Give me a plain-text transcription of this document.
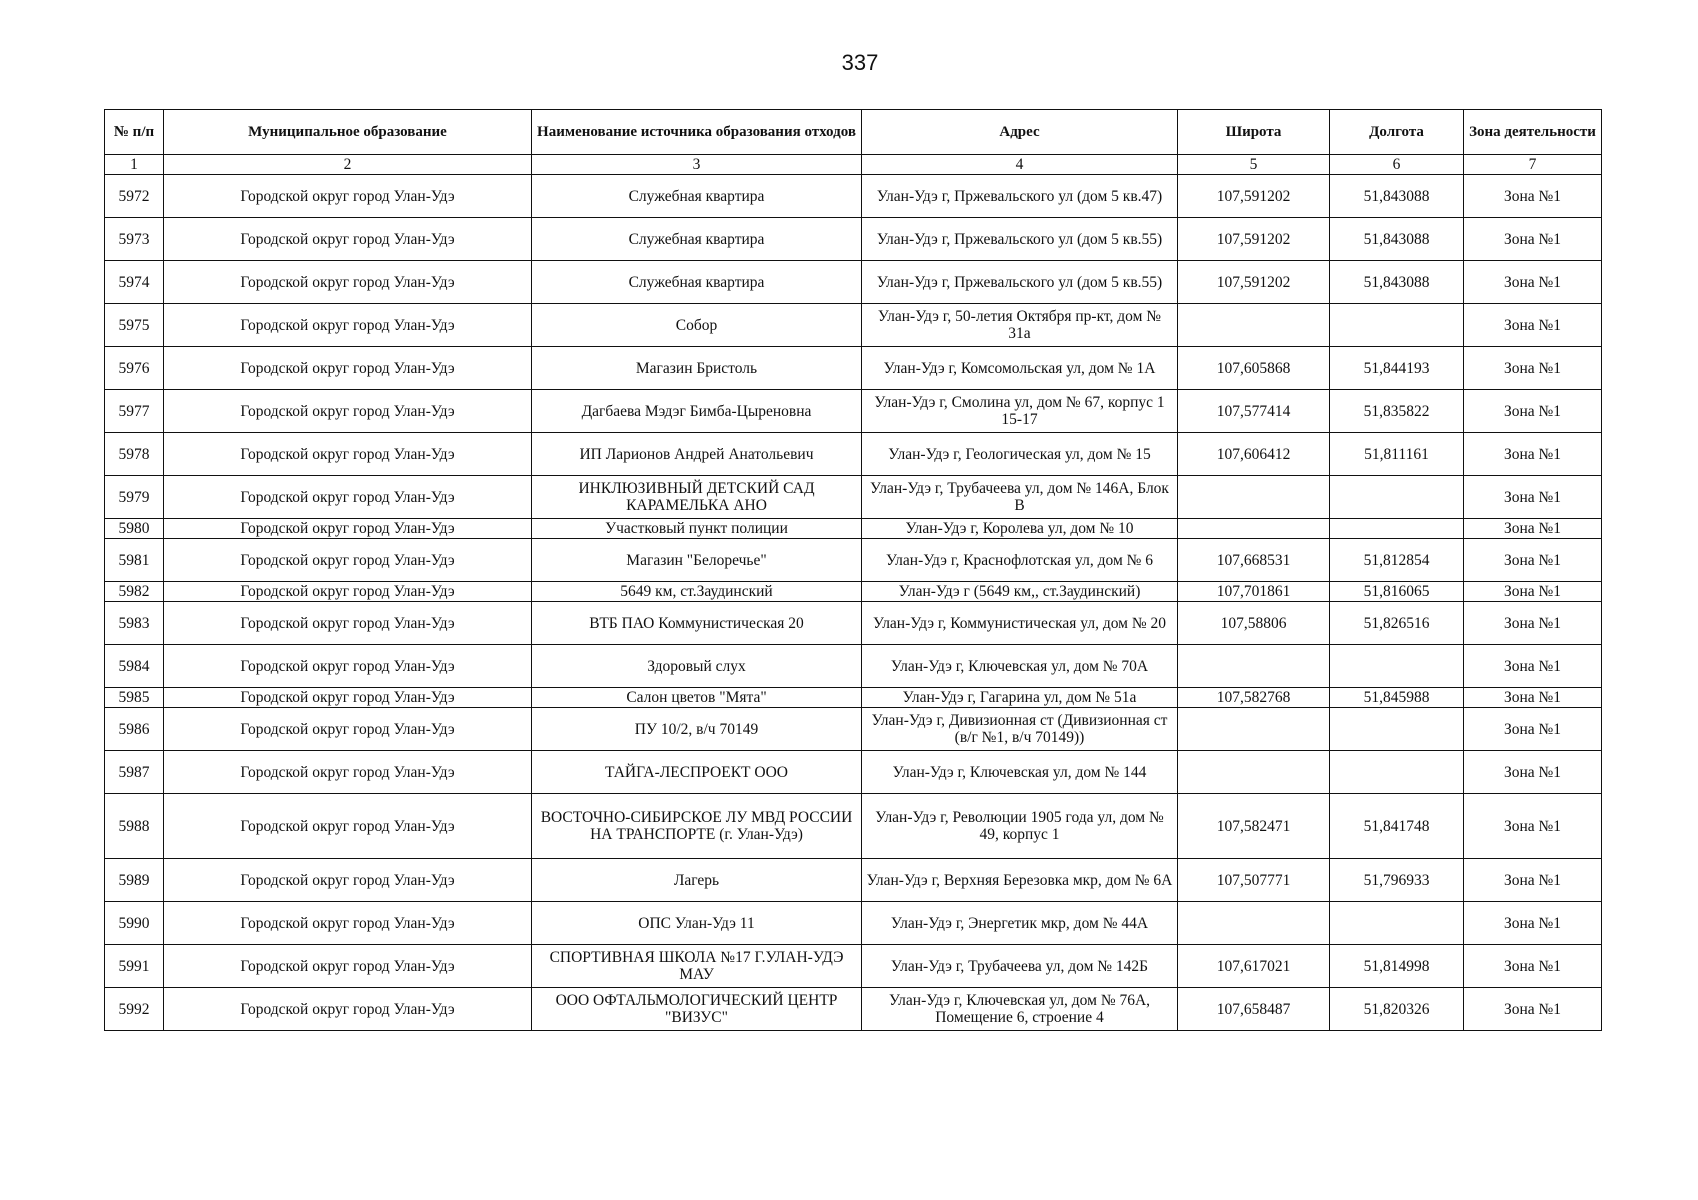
337
№ п/п	Муниципальное образование	Наименование источника образования отходов	Адрес	Широта	Долгота	Зона деятельности
1	2	3	4	5	6	7
5972	Городской округ город Улан-Удэ	Служебная квартира	Улан-Удэ г, Пржевальского ул (дом 5 кв.47)	107,591202	51,843088	Зона №1
5973	Городской округ город Улан-Удэ	Служебная квартира	Улан-Удэ г, Пржевальского ул (дом 5 кв.55)	107,591202	51,843088	Зона №1
5974	Городской округ город Улан-Удэ	Служебная квартира	Улан-Удэ г, Пржевальского ул (дом 5 кв.55)	107,591202	51,843088	Зона №1
5975	Городской округ город Улан-Удэ	Собор	Улан-Удэ г, 50-летия Октября пр-кт, дом № 31а			Зона №1
5976	Городской округ город Улан-Удэ	Магазин Бристоль	Улан-Удэ г, Комсомольская ул, дом № 1А	107,605868	51,844193	Зона №1
5977	Городской округ город Улан-Удэ	Дагбаева Мэдэг Бимба-Цыреновна	Улан-Удэ г, Смолина ул, дом № 67, корпус 1 15-17	107,577414	51,835822	Зона №1
5978	Городской округ город Улан-Удэ	ИП Ларионов Андрей Анатольевич	Улан-Удэ г, Геологическая ул, дом № 15	107,606412	51,811161	Зона №1
5979	Городской округ город Улан-Удэ	ИНКЛЮЗИВНЫЙ ДЕТСКИЙ САД КАРАМЕЛЬКА АНО	Улан-Удэ г, Трубачеева ул, дом № 146А, Блок В			Зона №1
5980	Городской округ город Улан-Удэ	Участковый пункт полиции	Улан-Удэ г, Королева ул, дом № 10			Зона №1
5981	Городской округ город Улан-Удэ	Магазин "Белоречье"	Улан-Удэ г, Краснофлотская ул, дом № 6	107,668531	51,812854	Зона №1
5982	Городской округ город Улан-Удэ	5649 км, ст.Заудинский	Улан-Удэ г (5649 км,, ст.Заудинский)	107,701861	51,816065	Зона №1
5983	Городской округ город Улан-Удэ	ВТБ ПАО Коммунистическая 20	Улан-Удэ г, Коммунистическая ул, дом № 20	107,58806	51,826516	Зона №1
5984	Городской округ город Улан-Удэ	Здоровый слух	Улан-Удэ г, Ключевская ул, дом № 70А			Зона №1
5985	Городской округ город Улан-Удэ	Салон цветов "Мята"	Улан-Удэ г, Гагарина ул, дом № 51а	107,582768	51,845988	Зона №1
5986	Городской округ город Улан-Удэ	ПУ 10/2, в/ч 70149	Улан-Удэ г, Дивизионная ст (Дивизионная ст (в/г №1, в/ч 70149))			Зона №1
5987	Городской округ город Улан-Удэ	ТАЙГА-ЛЕСПРОЕКТ ООО	Улан-Удэ г, Ключевская ул, дом № 144			Зона №1
5988	Городской округ город Улан-Удэ	ВОСТОЧНО-СИБИРСКОЕ ЛУ МВД РОССИИ НА ТРАНСПОРТЕ (г. Улан-Удэ)	Улан-Удэ г, Революции 1905 года ул, дом № 49, корпус 1	107,582471	51,841748	Зона №1
5989	Городской округ город Улан-Удэ	Лагерь	Улан-Удэ г, Верхняя Березовка мкр, дом № 6А	107,507771	51,796933	Зона №1
5990	Городской округ город Улан-Удэ	ОПС Улан-Удэ 11	Улан-Удэ г, Энергетик мкр, дом № 44А			Зона №1
5991	Городской округ город Улан-Удэ	СПОРТИВНАЯ ШКОЛА №17 Г.УЛАН-УДЭ МАУ	Улан-Удэ г, Трубачеева ул, дом № 142Б	107,617021	51,814998	Зона №1
5992	Городской округ город Улан-Удэ	ООО ОФТАЛЬМОЛОГИЧЕСКИЙ ЦЕНТР "ВИЗУС"	Улан-Удэ г, Ключевская ул, дом № 76А, Помещение 6, строение 4	107,658487	51,820326	Зона №1
